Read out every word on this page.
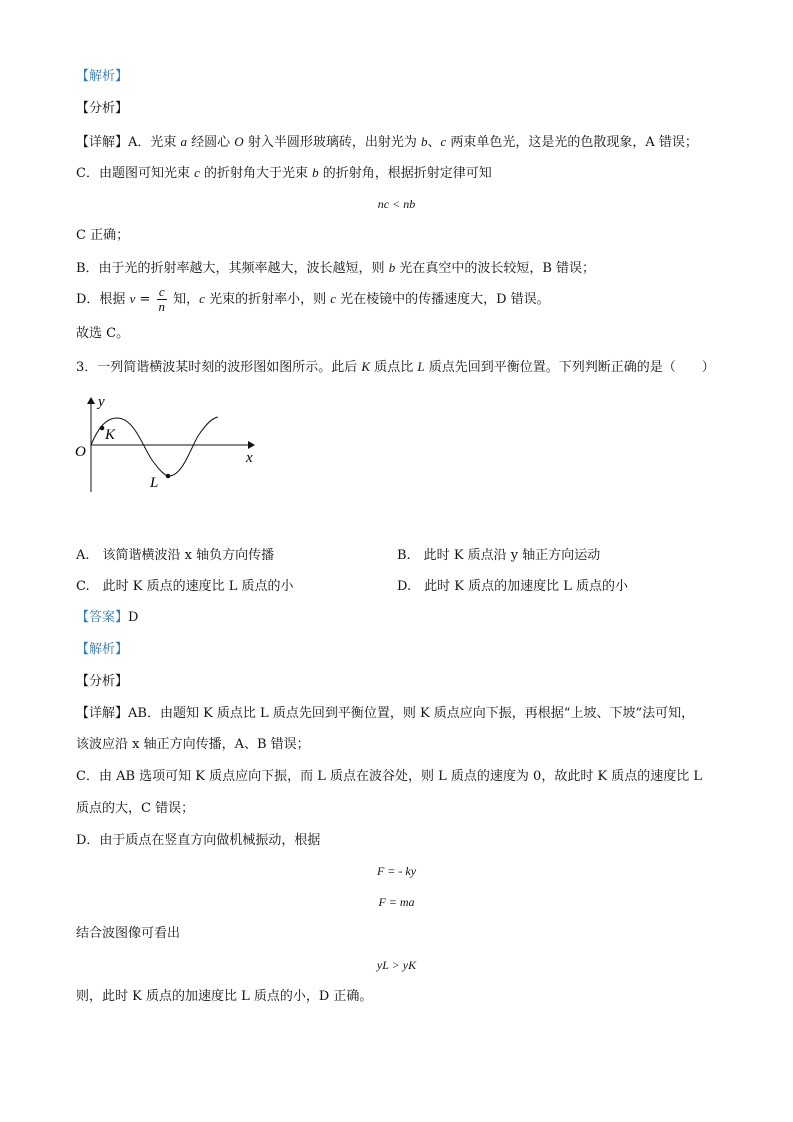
【解析】
【分析】
【详解】A．光束 a 经圆心 O 射入半圆形玻璃砖，出射光为 b、c 两束单色光，这是光的色散现象，A 错误；
C．由题图可知光束 c 的折射角大于光束 b 的折射角，根据折射定律可知
nc < nb
C 正确；
B．由于光的折射率越大，其频率越大，波长越短，则 b 光在真空中的波长较短，B 错误；
D．根据 $v = \frac{c}{n}$ 知，c 光束的折射率小，则 c 光在棱镜中的传播速度大，D 错误。
故选 C。
3．一列简谐横波某时刻的波形图如图所示。此后 K 质点比 L 质点先回到平衡位置。下列判断正确的是（　　）
y
x
O
K
L
A.　该简谐横波沿 x 轴负方向传播	B.　此时 K 质点沿 y 轴正方向运动
C.　此时 K 质点的速度比 L 质点的小	D.　此时 K 质点的加速度比 L 质点的小
【答案】D
【解析】
【分析】
【详解】AB．由题知 K 质点比 L 质点先回到平衡位置，则 K 质点应向下振，再根据“上坡、下坡”法可知，
该波应沿 x 轴正方向传播，A、B 错误；
C．由 AB 选项可知 K 质点应向下振，而 L 质点在波谷处，则 L 质点的速度为 0，故此时 K 质点的速度比 L
质点的大，C 错误；
D．由于质点在竖直方向做机械振动，根据
F = - ky
F = ma
结合波图像可看出
yL > yK
则，此时 K 质点的加速度比 L 质点的小，D 正确。
